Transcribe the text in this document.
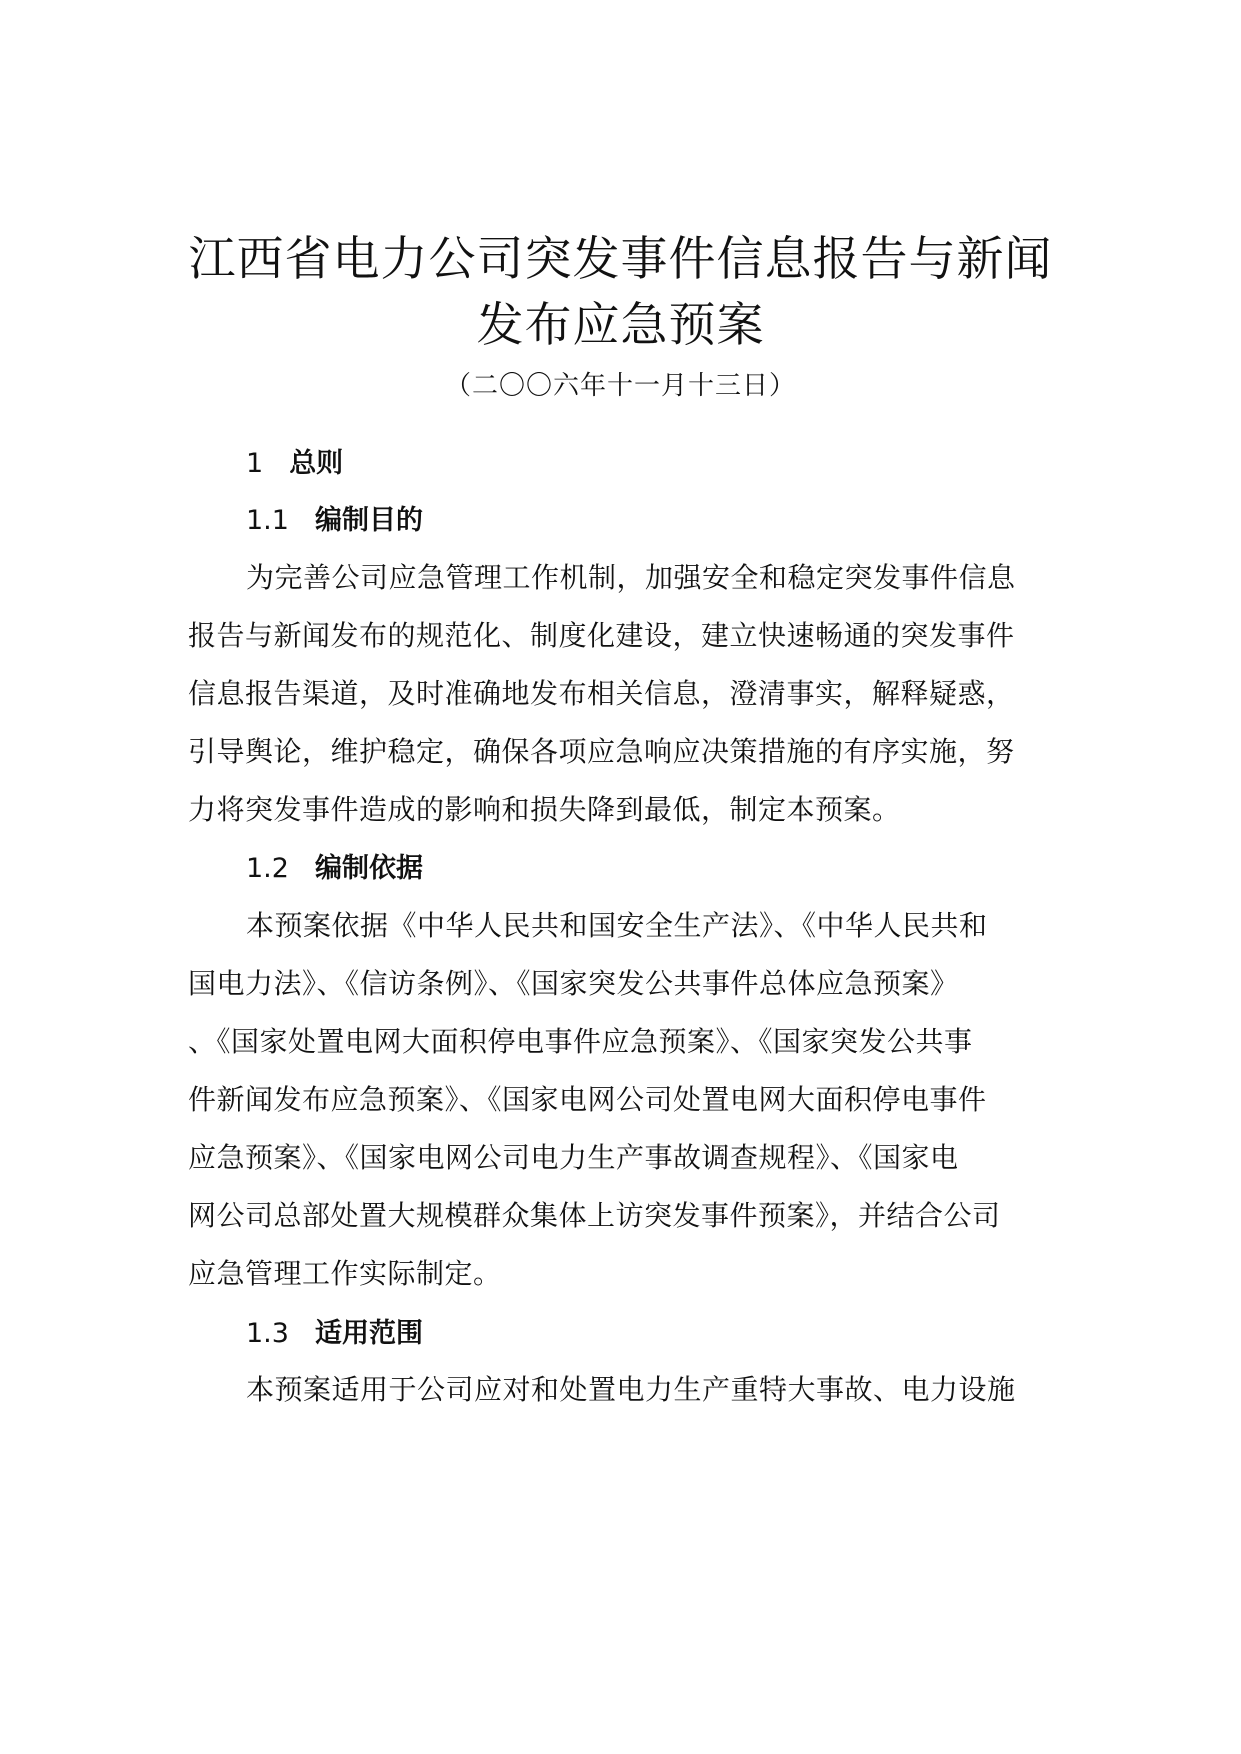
江西省电力公司突发事件信息报告与新闻
发布应急预案
（二〇〇六年十一月十三日）
1 总则
1.1 编制目的
为完善公司应急管理工作机制，加强安全和稳定突发事件信息
报告与新闻发布的规范化、制度化建设，建立快速畅通的突发事件
信息报告渠道，及时准确地发布相关信息，澄清事实，解释疑惑，
引导舆论，维护稳定，确保各项应急响应决策措施的有序实施，努
力将突发事件造成的影响和损失降到最低，制定本预案。
1.2 编制依据
本预案依据《中华人民共和国安全生产法》、《中华人民共和
国电力法》、《信访条例》、《国家突发公共事件总体应急预案》
、《国家处置电网大面积停电事件应急预案》、《国家突发公共事
件新闻发布应急预案》、《国家电网公司处置电网大面积停电事件
应急预案》、《国家电网公司电力生产事故调查规程》、《国家电
网公司总部处置大规模群众集体上访突发事件预案》，并结合公司
应急管理工作实际制定。
1.3 适用范围
本预案适用于公司应对和处置电力生产重特大事故、电力设施
